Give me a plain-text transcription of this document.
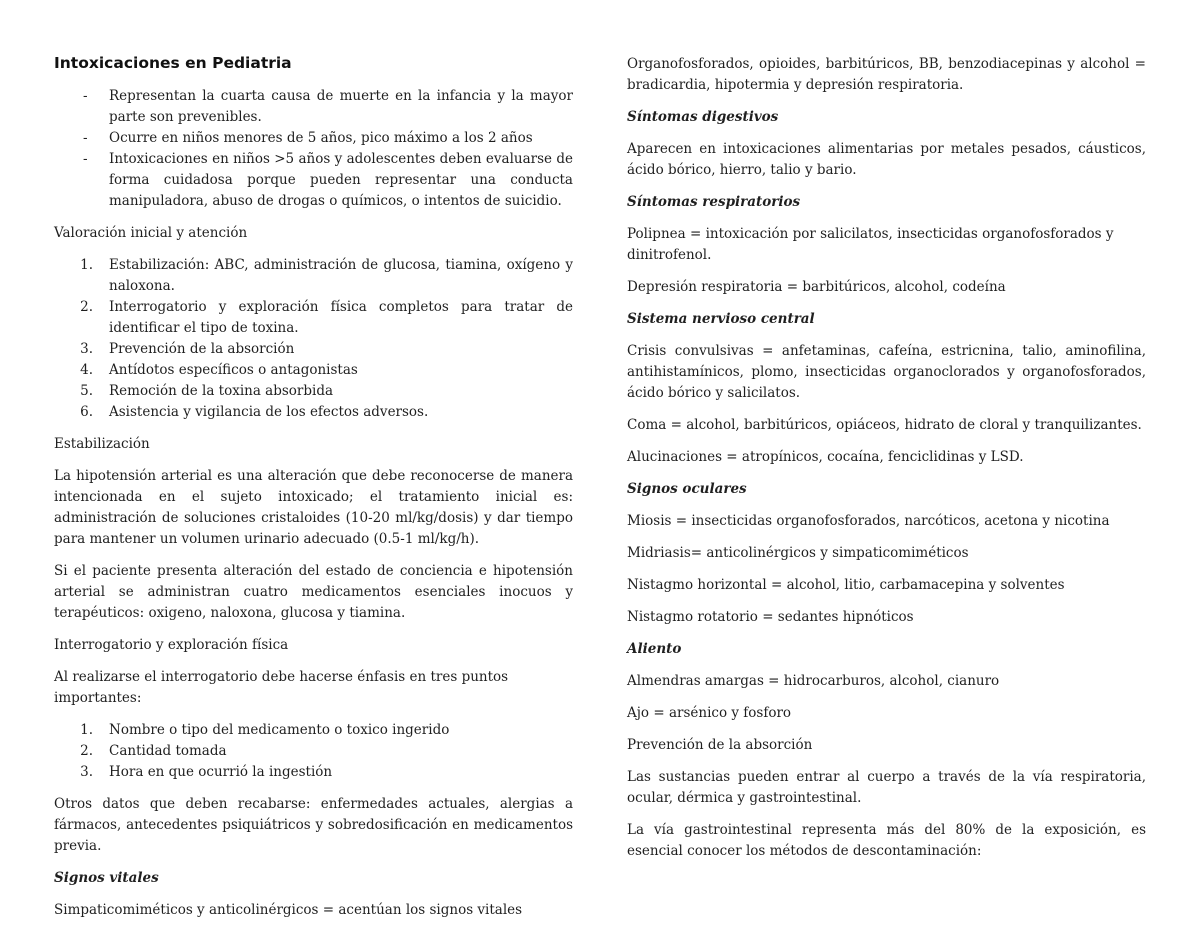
Intoxicaciones en Pediatria
-	Representan la cuarta causa de muerte en la infancia y la mayor parte son prevenibles.
-	Ocurre en niños menores de 5 años, pico máximo a los 2 años
-	Intoxicaciones en niños >5 años y adolescentes deben evaluarse de forma cuidadosa porque pueden representar una conducta manipuladora, abuso de drogas o químicos, o intentos de suicidio.

Valoración inicial y atención

1. Estabilización: ABC, administración de glucosa, tiamina, oxígeno y naloxona.
2. Interrogatorio y exploración física completos para tratar de identificar el tipo de toxina.
3. Prevención de la absorción
4. Antídotos específicos o antagonistas
5. Remoción de la toxina absorbida
6. Asistencia y vigilancia de los efectos adversos.

Estabilización

La hipotensión arterial es una alteración que debe reconocerse de manera intencionada en el sujeto intoxicado; el tratamiento inicial es: administración de soluciones cristaloides (10-20 ml/kg/dosis) y dar tiempo para mantener un volumen urinario adecuado (0.5-1 ml/kg/h).

Si el paciente presenta alteración del estado de conciencia e hipotensión arterial se administran cuatro medicamentos esenciales inocuos y terapéuticos: oxigeno, naloxona, glucosa y tiamina.

Interrogatorio y exploración física

Al realizarse el interrogatorio debe hacerse énfasis en tres puntos importantes:

1. Nombre o tipo del medicamento o toxico ingerido
2. Cantidad tomada
3. Hora en que ocurrió la ingestión

Otros datos que deben recabarse: enfermedades actuales, alergias a fármacos, antecedentes psiquiátricos y sobredosificación en medicamentos previa.

Signos vitales

Simpaticomiméticos y anticolinérgicos = acentúan los signos vitales

Organofosforados, opioides, barbitúricos, BB, benzodiacepinas y alcohol = bradicardia, hipotermia y depresión respiratoria.

Síntomas digestivos

Aparecen en intoxicaciones alimentarias por metales pesados, cáusticos, ácido bórico, hierro, talio y bario.

Síntomas respiratorios

Polipnea = intoxicación por salicilatos, insecticidas organofosforados y dinitrofenol.

Depresión respiratoria = barbitúricos, alcohol, codeína

Sistema nervioso central

Crisis convulsivas = anfetaminas, cafeína, estricnina, talio, aminofilina, antihistamínicos, plomo, insecticidas organoclorados y organofosforados, ácido bórico y salicilatos.

Coma = alcohol, barbitúricos, opiáceos, hidrato de cloral y tranquilizantes.

Alucinaciones = atropínicos, cocaína, fenciclidinas y LSD.

Signos oculares

Miosis = insecticidas organofosforados, narcóticos, acetona y nicotina

Midriasis= anticolinérgicos y simpaticomiméticos

Nistagmo horizontal = alcohol, litio, carbamacepina y solventes

Nistagmo rotatorio = sedantes hipnóticos

Aliento

Almendras amargas = hidrocarburos, alcohol, cianuro

Ajo = arsénico y fosforo

Prevención de la absorción

Las sustancias pueden entrar al cuerpo a través de la vía respiratoria, ocular, dérmica y gastrointestinal.

La vía gastrointestinal representa más del 80% de la exposición, es esencial conocer los métodos de descontaminación:
